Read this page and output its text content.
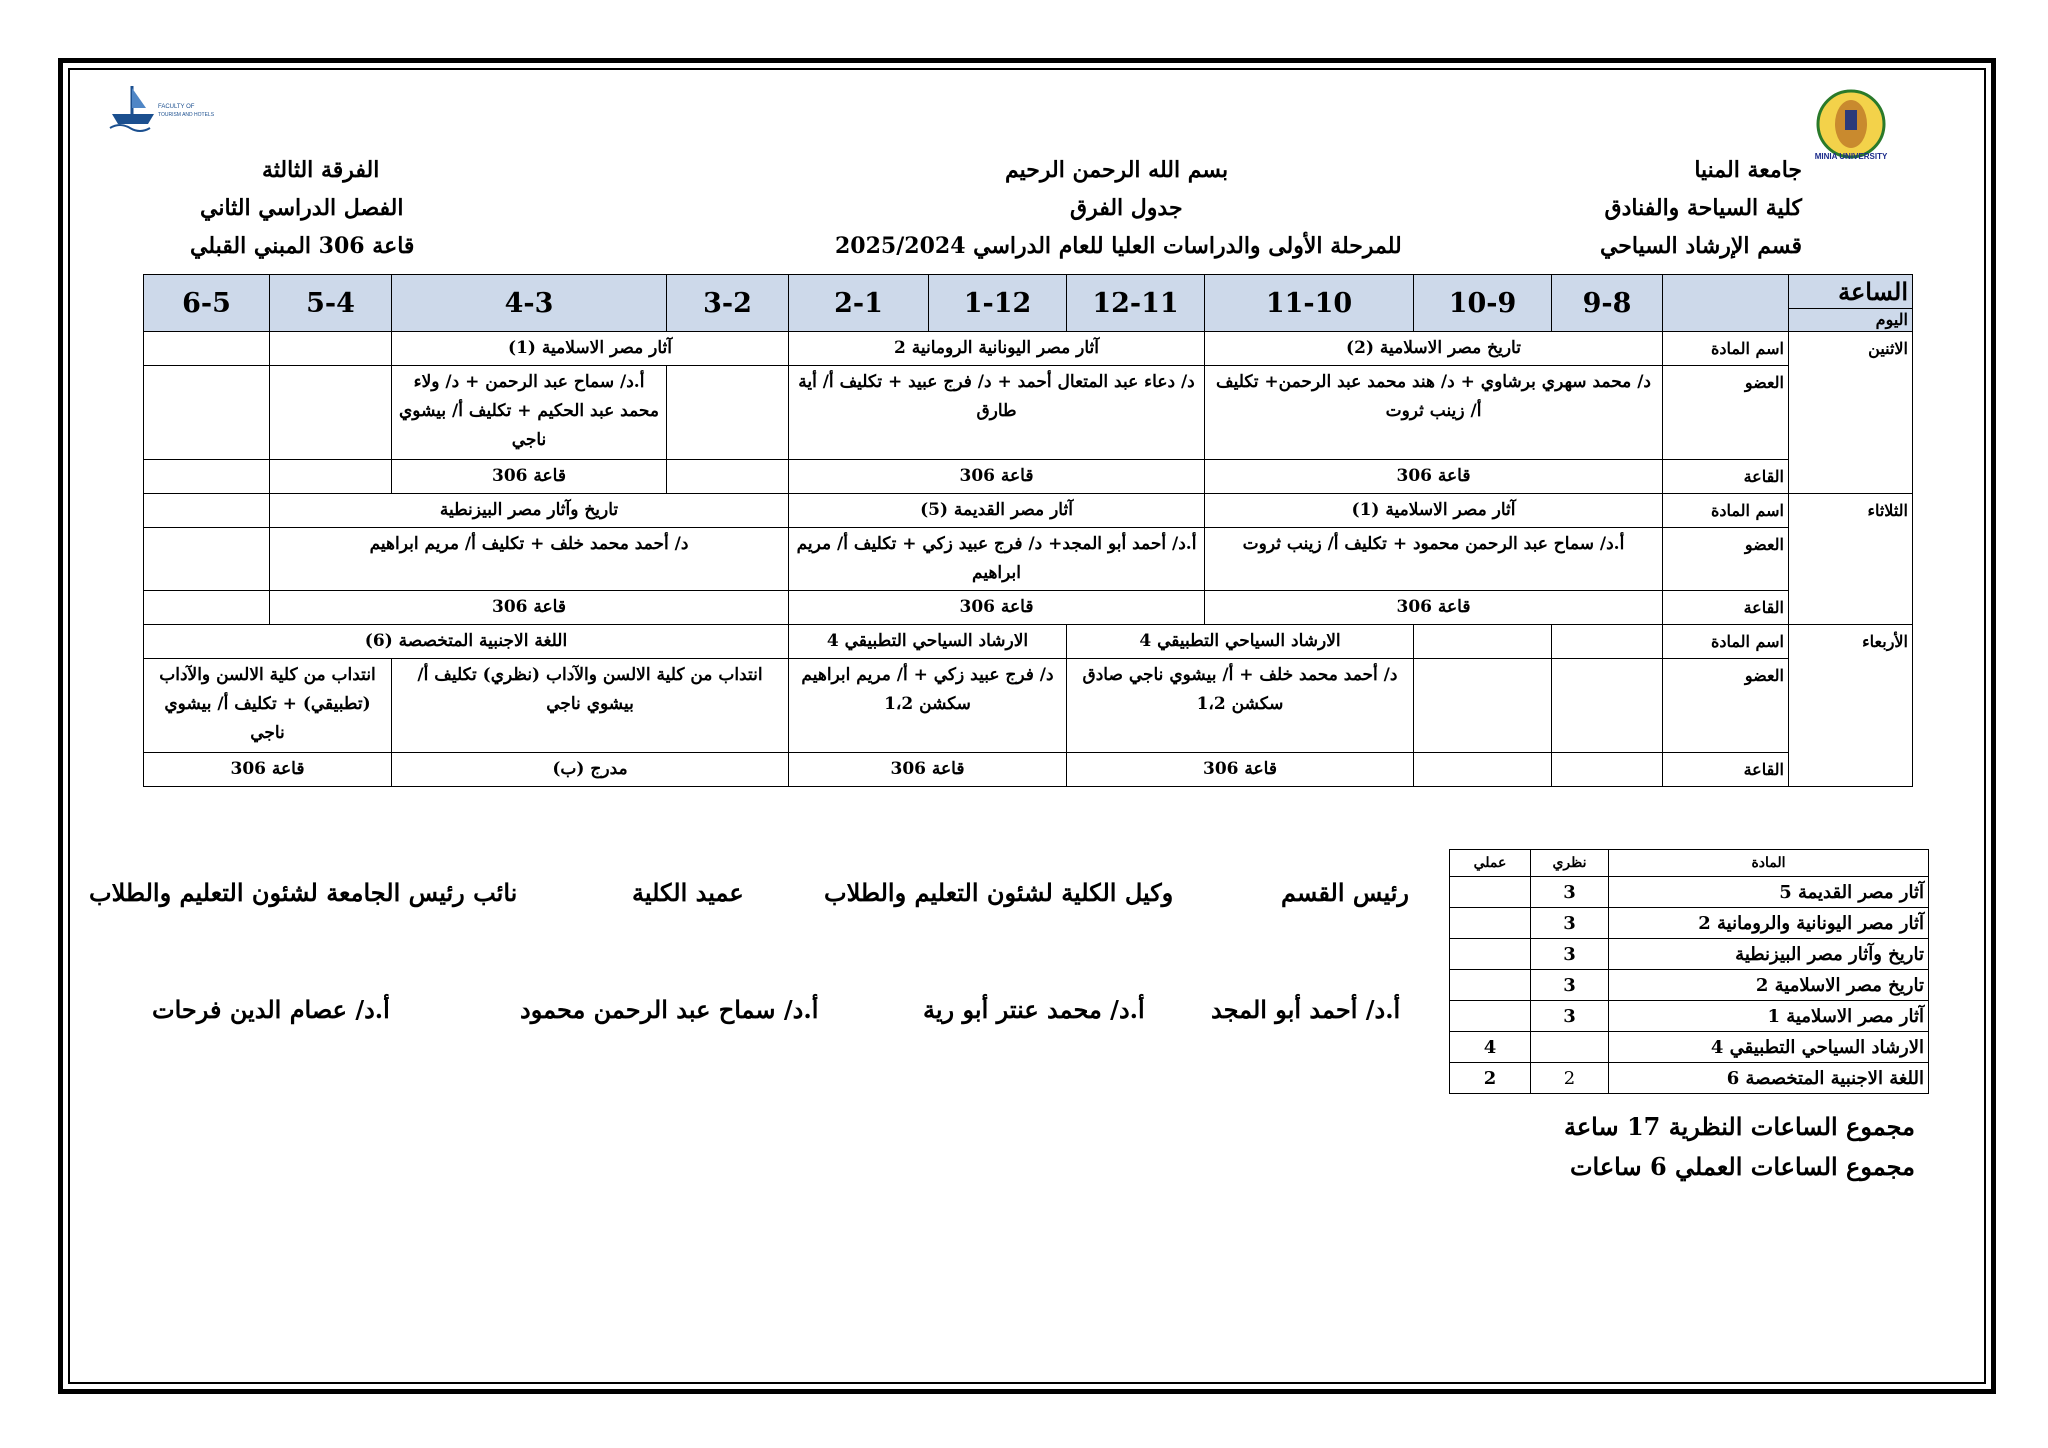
MINIA UNIVERSITY
FACULTY OF
TOURISM AND HOTELS
جامعة المنيا
كلية السياحة والفنادق
قسم الإرشاد السياحي
بسم الله الرحمن الرحيم
جدول الفرق
للمرحلة الأولى والدراسات العليا للعام الدراسي 2025/2024
الفرقة الثالثة
الفصل الدراسي الثاني
قاعة 306 المبني القبلي
الساعة		9-8	10-9	11-10	12-11	1-12	2-1	3-2	4-3	5-4	6-5
اليوم											
الاثنين	اسم المادة	تاريخ مصر الاسلامية (2)			آثار مصر اليونانية الرومانية 2			آثار مصر الاسلامية (1)			
	العضو	د/ محمد سهري برشاوي + د/ هند محمد عبد الرحمن+ تكليف أ/ زينب ثروت			د/ دعاء عبد المتعال أحمد + د/ فرج عبيد + تكليف أ/ أية طارق				أ.د/ سماح عبد الرحمن + د/ ولاء محمد عبد الحكيم + تكليف أ/ بيشوي ناجي		
	القاعة	قاعة 306			قاعة 306				قاعة 306		
الثلاثاء	اسم المادة	آثار مصر الاسلامية (1)			آثار مصر القديمة (5)			تاريخ وآثار مصر البيزنطية			
	العضو	أ.د/ سماح عبد الرحمن محمود + تكليف أ/ زينب ثروت			أ.د/ أحمد أبو المجد+ د/ فرج عبيد زكي + تكليف أ/ مريم ابراهيم			د/ أحمد محمد خلف + تكليف أ/ مريم ابراهيم			
	القاعة	قاعة 306			قاعة 306			قاعة 306			
الأربعاء	اسم المادة			الارشاد السياحي التطبيقي 4		الارشاد السياحي التطبيقي 4		اللغة الاجنبية المتخصصة (6)			
	العضو			د/ أحمد محمد خلف + أ/ بيشوي ناجي صادق سكشن 1،2		د/ فرج عبيد زكي + أ/ مريم ابراهيم سكشن 1،2		انتداب من كلية الالسن والآداب (نظري) تكليف أ/ بيشوي ناجي		انتداب من كلية الالسن والآداب (تطبيقي) + تكليف أ/ بيشوي ناجي	
	القاعة			قاعة 306		قاعة 306		مدرج (ب)		قاعة 306	
المادة	نظري	عملي
آثار مصر القديمة 5	3	
آثار مصر اليونانية والرومانية 2	3	
تاريخ وآثار مصر البيزنطية	3	
تاريخ مصر الاسلامية 2	3	
آثار مصر الاسلامية 1	3	
الارشاد السياحي التطبيقي 4		4
اللغة الاجنبية المتخصصة 6	2	2
مجموع الساعات النظرية 17 ساعة
مجموع الساعات العملي 6 ساعات
رئيس القسم
وكيل الكلية لشئون التعليم والطلاب
عميد الكلية
نائب رئيس الجامعة لشئون التعليم والطلاب
أ.د/ أحمد أبو المجد
أ.د/ محمد عنتر أبو رية
أ.د/ سماح عبد الرحمن محمود
أ.د/ عصام الدين فرحات
